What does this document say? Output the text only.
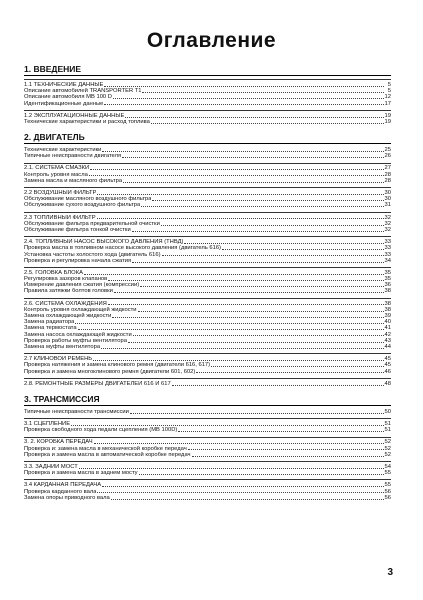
Оглавление
1. ВВЕДЕНИЕ
1.1 ТЕХНИЧЕСКИЕ ДАННЫЕ	5
Описание автомобилей TRANSPORTER T1	5
Описание автомобиля MB 100 D	12
Идентификационные данные	17
1.2 ЭКСПЛУАТАЦИОННЫЕ ДАННЫЕ	19
Технические характеристики и расход топлива	19
2. ДВИГАТЕЛЬ
Технические характеристики	25
Типичные неисправности двигателя	26
2.1. СИСТЕМА СМАЗКИ	27
Контроль уровня масла	28
Замена масла и масляного фильтра	28
2.2 ВОЗДУШНЫЙ ФИЛЬТР	30
Обслуживание масляного воздушного фильтра	30
Обслуживание сухого воздушного фильтра	31
2.3 ТОПЛИВНЫЙ ФИЛЬТР	32
Обслуживание фильтра предварительной очистки	32
Обслуживание фильтра тонкой очистки	32
2.4. ТОПЛИВНЫЙ НАСОС ВЫСОКОГО ДАВЛЕНИЯ (ТНВД)	33
Проверка масла в топливном насосе высокого давления (двигатель 616)	33
Установка частоты холостого хода (двигатель 616)	33
Проверка и регулировка начала сжатия	34
2.5. ГОЛОВКА БЛОКА	35
Регулировка зазоров клапанов	35
Измерение давления сжатия (компрессии)	36
Правила затяжки болтов головки	38
2.6. СИСТЕМА ОХЛАЖДЕНИЯ	38
Контроль уровня охлаждающей жидкости	38
Замена охлаждающей жидкости	39
Замена радиатора	40
Замена термостата	41
Замена насоса охлаждающей жидкости	42
Проверка работы муфты вентилятора	43
Замена муфты вентилятора	44
2.7 КЛИНОВОЙ РЕМЕНЬ	45
Проверка натяжения и замена клинового ремня (двигатели 616, 617)	45
Проверка и замена многоклинового ремня (двигатели 601, 602)	46
2.8. РЕМОНТНЫЕ РАЗМЕРЫ ДВИГАТЕЛЕЙ 616 И 617	48
3. ТРАНСМИССИЯ
Типичные неисправности трансмиссии	50
3.1 СЦЕПЛЕНИЕ	51
Проверка свободного хода педали сцепления (MB 100D)	51
3. 2. КОРОБКА ПЕРЕДАЧ	52
Проверка и: замена масла в механической коробке передач	52
Проверка и замена масла в автоматической коробке передач	52
3.3. ЗАДНИЙ МОСТ	54
Проверка и замена масла в заднем мосту	55
3.4 КАРДАННАЯ ПЕРЕДАЧА	55
Проверка карданного вала	56
Замена опоры приводного вала	56
3
